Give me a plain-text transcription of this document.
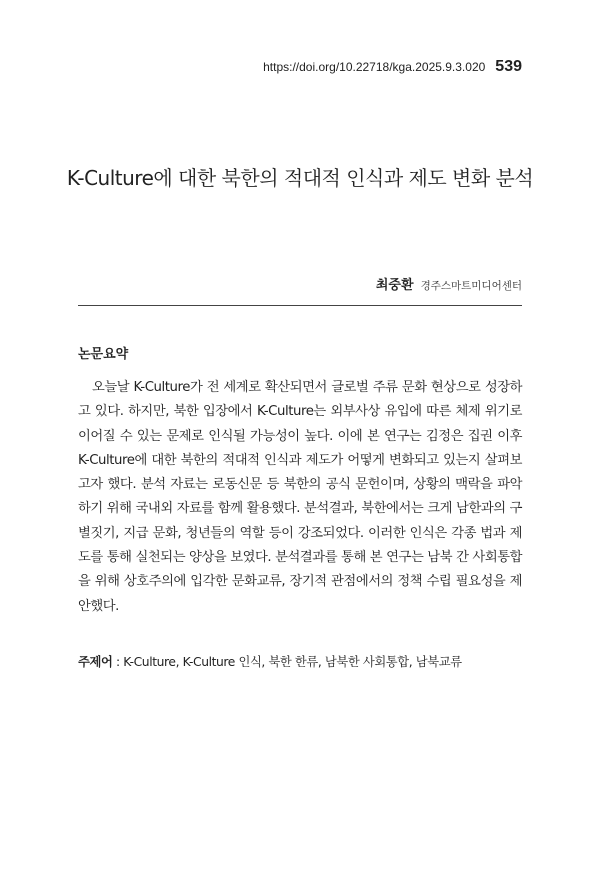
https://doi.org/10.22718/kga.2025.9.3.020 539
K-Culture에 대한 북한의 적대적 인식과 제도 변화 분석
최중환 경주스마트미디어센터
논문요약

오늘날 K-Culture가 전 세계로 확산되면서 글로벌 주류 문화 현상으로 성장하고 있다. 하지만, 북한 입장에서 K-Culture는 외부사상 유입에 따른 체제 위기로 이어질 수 있는 문제로 인식될 가능성이 높다. 이에 본 연구는 김정은 집권 이후 K-Culture에 대한 북한의 적대적 인식과 제도가 어떻게 변화되고 있는지 살펴보고자 했다. 분석 자료는 로동신문 등 북한의 공식 문헌이며, 상황의 맥락을 파악하기 위해 국내외 자료를 함께 활용했다. 분석결과, 북한에서는 크게 남한과의 구별짓기, 지급 문화, 청년들의 역할 등이 강조되었다. 이러한 인식은 각종 법과 제도를 통해 실천되는 양상을 보였다. 분석결과를 통해 본 연구는 남북 간 사회통합을 위해 상호주의에 입각한 문화교류, 장기적 관점에서의 정책 수립 필요성을 제안했다.

주제어 : K-Culture, K-Culture 인식, 북한 한류, 남북한 사회통합, 남북교류
